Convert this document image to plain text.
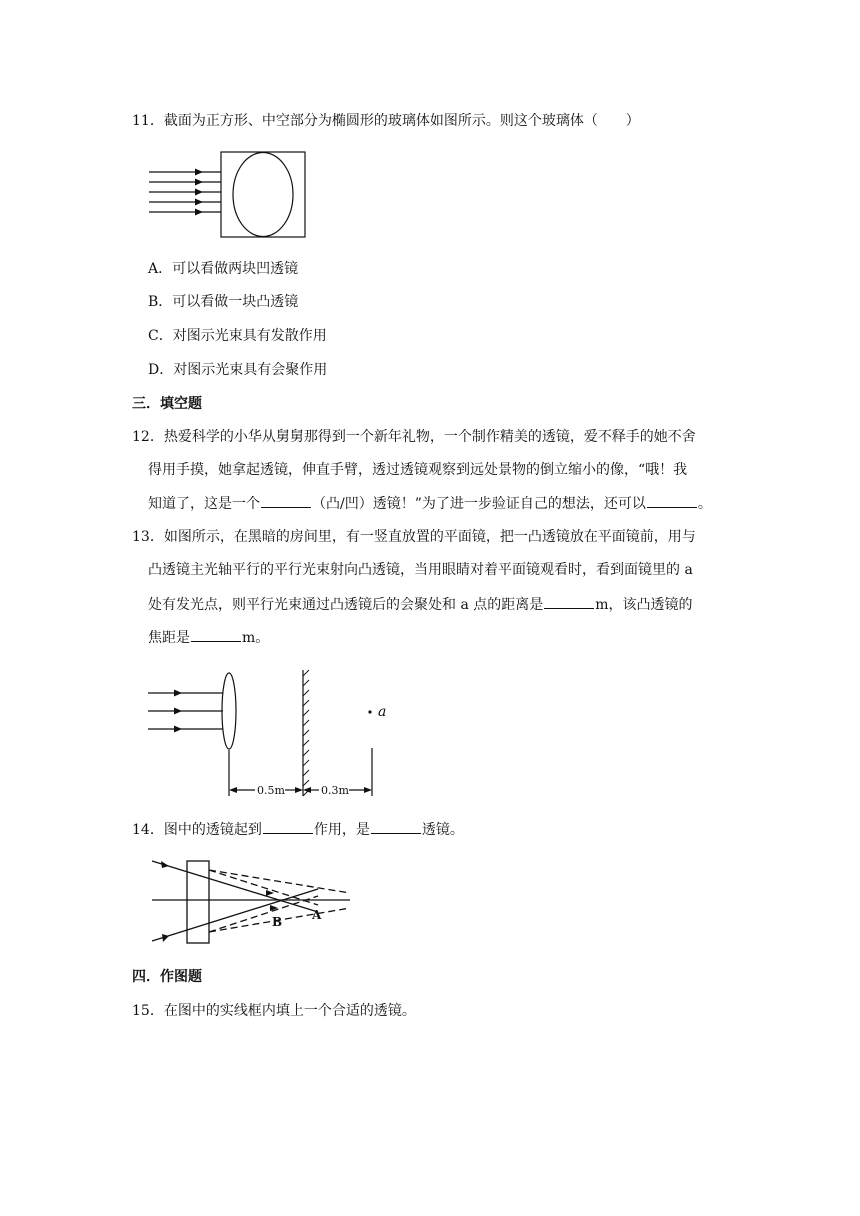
11．截面为正方形、中空部分为椭圆形的玻璃体如图所示。则这个玻璃体（　　）
A．可以看做两块凹透镜
B．可以看做一块凸透镜
C．对图示光束具有发散作用
D．对图示光束具有会聚作用
三．填空题
12．热爱科学的小华从舅舅那得到一个新年礼物，一个制作精美的透镜，爱不释手的她不舍
得用手摸，她拿起透镜，伸直手臂，透过透镜观察到远处景物的倒立缩小的像，“哦！我
知道了，这是一个	（凸/凹）透镜！”为了进一步验证自己的想法，还可以	。
13．如图所示，在黑暗的房间里，有一竖直放置的平面镜，把一凸透镜放在平面镜前，用与
凸透镜主光轴平行的平行光束射向凸透镜，当用眼睛对着平面镜观看时，看到面镜里的 a
处有发光点，则平行光束通过凸透镜后的会聚处和 a 点的距离是	m，该凸透镜的
焦距是	m。
a
0.5m	0.3m
14．图中的透镜起到	作用，是	透镜。
B A
四．作图题
15．在图中的实线框内填上一个合适的透镜。
